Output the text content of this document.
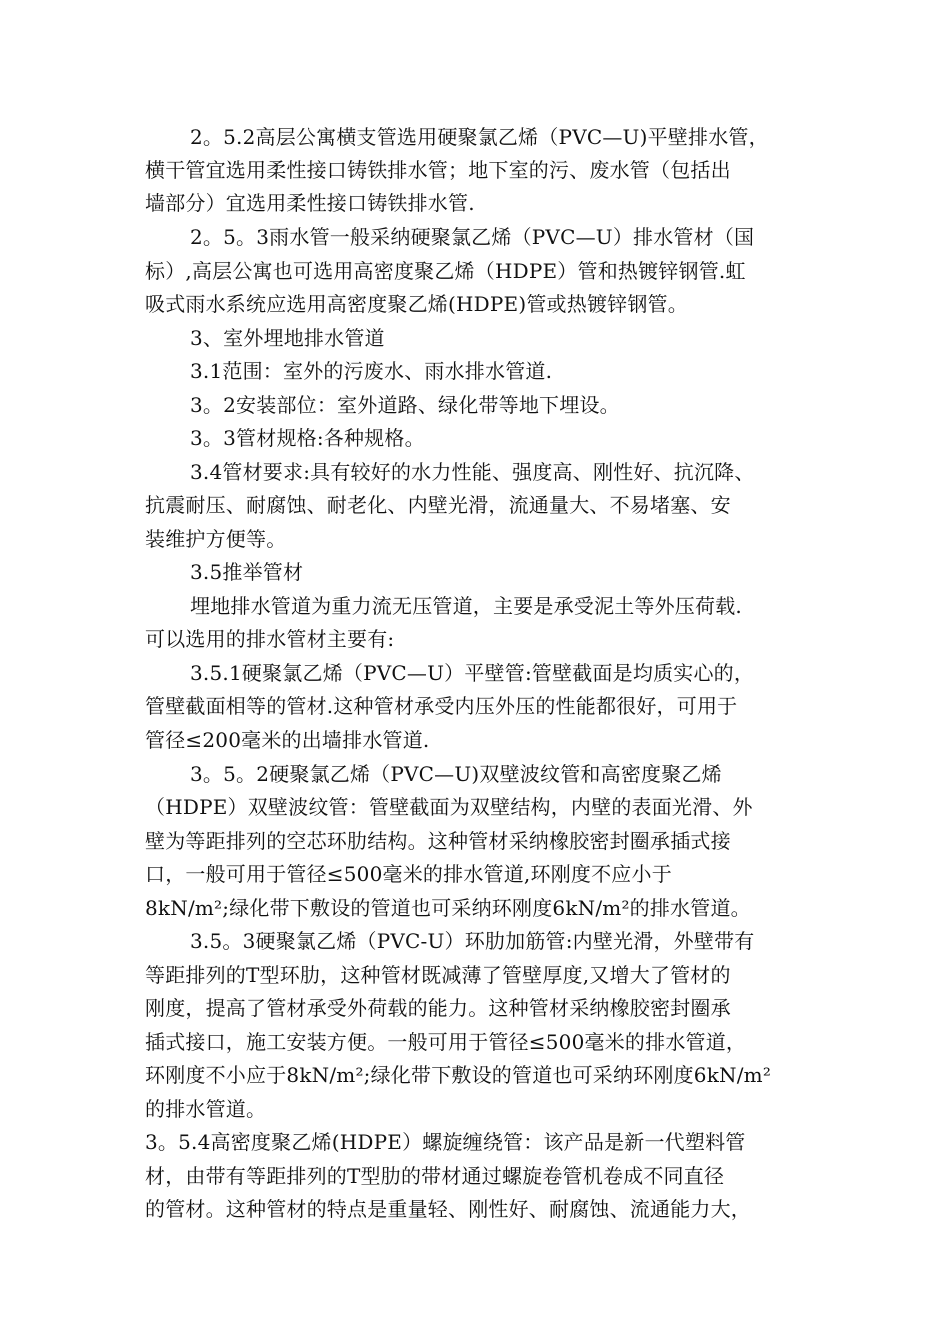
2。5.2高层公寓横支管选用硬聚氯乙烯（PVC—U)平壁排水管，
横干管宜选用柔性接口铸铁排水管；地下室的污、废水管（包括出
墙部分）宜选用柔性接口铸铁排水管.
2。5。3雨水管一般采纳硬聚氯乙烯（PVC—U）排水管材（国
标）,高层公寓也可选用高密度聚乙烯（HDPE）管和热镀锌钢管.虹
吸式雨水系统应选用高密度聚乙烯(HDPE)管或热镀锌钢管。
3、室外埋地排水管道
3.1范围：室外的污废水、雨水排水管道.
3。2安装部位：室外道路、绿化带等地下埋设。
3。3管材规格:各种规格。
3.4管材要求:具有较好的水力性能、强度高、刚性好、抗沉降、
抗震耐压、耐腐蚀、耐老化、内壁光滑，流通量大、不易堵塞、安
装维护方便等。
3.5推举管材
埋地排水管道为重力流无压管道，主要是承受泥土等外压荷载.
可以选用的排水管材主要有:
3.5.1硬聚氯乙烯（PVC—U）平壁管:管壁截面是均质实心的，
管壁截面相等的管材.这种管材承受内压外压的性能都很好，可用于
管径≤200毫米的出墙排水管道.
3。5。2硬聚氯乙烯（PVC—U)双壁波纹管和高密度聚乙烯
（HDPE）双壁波纹管：管壁截面为双壁结构，内壁的表面光滑、外
壁为等距排列的空芯环肋结构。这种管材采纳橡胶密封圈承插式接
口，一般可用于管径≤500毫米的排水管道,环刚度不应小于
8kN/m²;绿化带下敷设的管道也可采纳环刚度6kN/m²的排水管道。
3.5。3硬聚氯乙烯（PVC-U）环肋加筋管:内壁光滑，外壁带有
等距排列的T型环肋，这种管材既减薄了管壁厚度,又增大了管材的
刚度，提高了管材承受外荷载的能力。这种管材采纳橡胶密封圈承
插式接口，施工安装方便。一般可用于管径≤500毫米的排水管道，
环刚度不小应于8kN/m²;绿化带下敷设的管道也可采纳环刚度6kN/m²
的排水管道。
3。5.4高密度聚乙烯(HDPE）螺旋缠绕管：该产品是新一代塑料管
材，由带有等距排列的T型肋的带材通过螺旋卷管机卷成不同直径
的管材。这种管材的特点是重量轻、刚性好、耐腐蚀、流通能力大，
